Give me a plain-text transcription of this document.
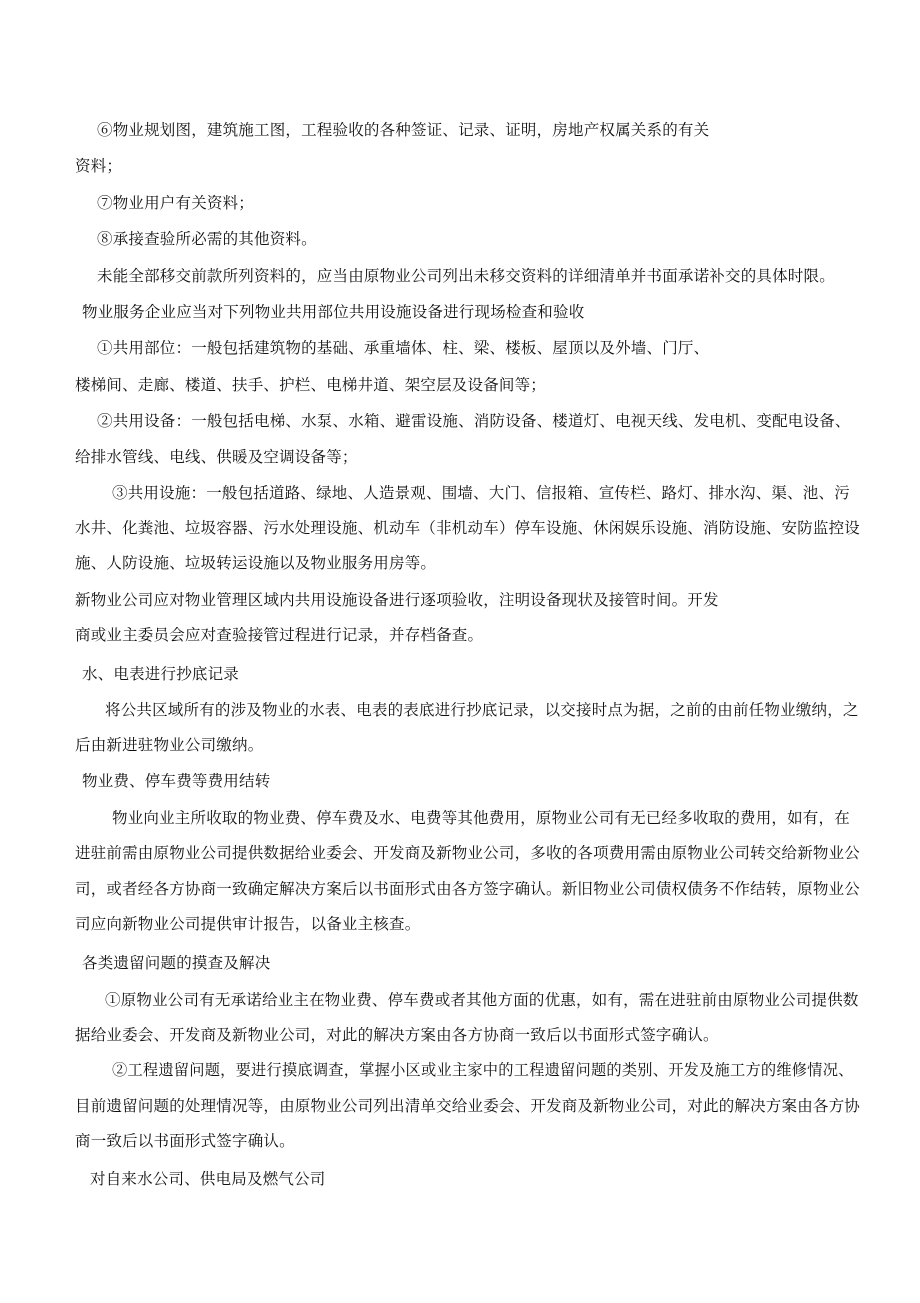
⑥物业规划图，建筑施工图，工程验收的各种签证、记录、证明，房地产权属关系的有关
资料；
⑦物业用户有关资料；
⑧承接查验所必需的其他资料。
未能全部移交前款所列资料的，应当由原物业公司列出未移交资料的详细清单并书面承诺补交的具体时限。
物业服务企业应当对下列物业共用部位共用设施设备进行现场检查和验收
①共用部位：一般包括建筑物的基础、承重墙体、柱、梁、楼板、屋顶以及外墙、门厅、
楼梯间、走廊、楼道、扶手、护栏、电梯井道、架空层及设备间等；
②共用设备：一般包括电梯、水泵、水箱、避雷设施、消防设备、楼道灯、电视天线、发电机、变配电设备、
给排水管线、电线、供暖及空调设备等；
③共用设施：一般包括道路、绿地、人造景观、围墙、大门、信报箱、宣传栏、路灯、排水沟、渠、池、污
水井、化粪池、垃圾容器、污水处理设施、机动车（非机动车）停车设施、休闲娱乐设施、消防设施、安防监控设
施、人防设施、垃圾转运设施以及物业服务用房等。
新物业公司应对物业管理区域内共用设施设备进行逐项验收，注明设备现状及接管时间。开发
商或业主委员会应对查验接管过程进行记录，并存档备查。
水、电表进行抄底记录
将公共区域所有的涉及物业的水表、电表的表底进行抄底记录，以交接时点为据，之前的由前任物业缴纳，之
后由新进驻物业公司缴纳。
物业费、停车费等费用结转
物业向业主所收取的物业费、停车费及水、电费等其他费用，原物业公司有无已经多收取的费用，如有，在
进驻前需由原物业公司提供数据给业委会、开发商及新物业公司，多收的各项费用需由原物业公司转交给新物业公
司，或者经各方协商一致确定解决方案后以书面形式由各方签字确认。新旧物业公司债权债务不作结转，原物业公
司应向新物业公司提供审计报告，以备业主核查。
各类遗留问题的摸查及解决
①原物业公司有无承诺给业主在物业费、停车费或者其他方面的优惠，如有，需在进驻前由原物业公司提供数
据给业委会、开发商及新物业公司，对此的解决方案由各方协商一致后以书面形式签字确认。
②工程遗留问题，要进行摸底调查，掌握小区或业主家中的工程遗留问题的类别、开发及施工方的维修情况、
目前遗留问题的处理情况等，由原物业公司列出清单交给业委会、开发商及新物业公司，对此的解决方案由各方协
商一致后以书面形式签字确认。
对自来水公司、供电局及燃气公司
